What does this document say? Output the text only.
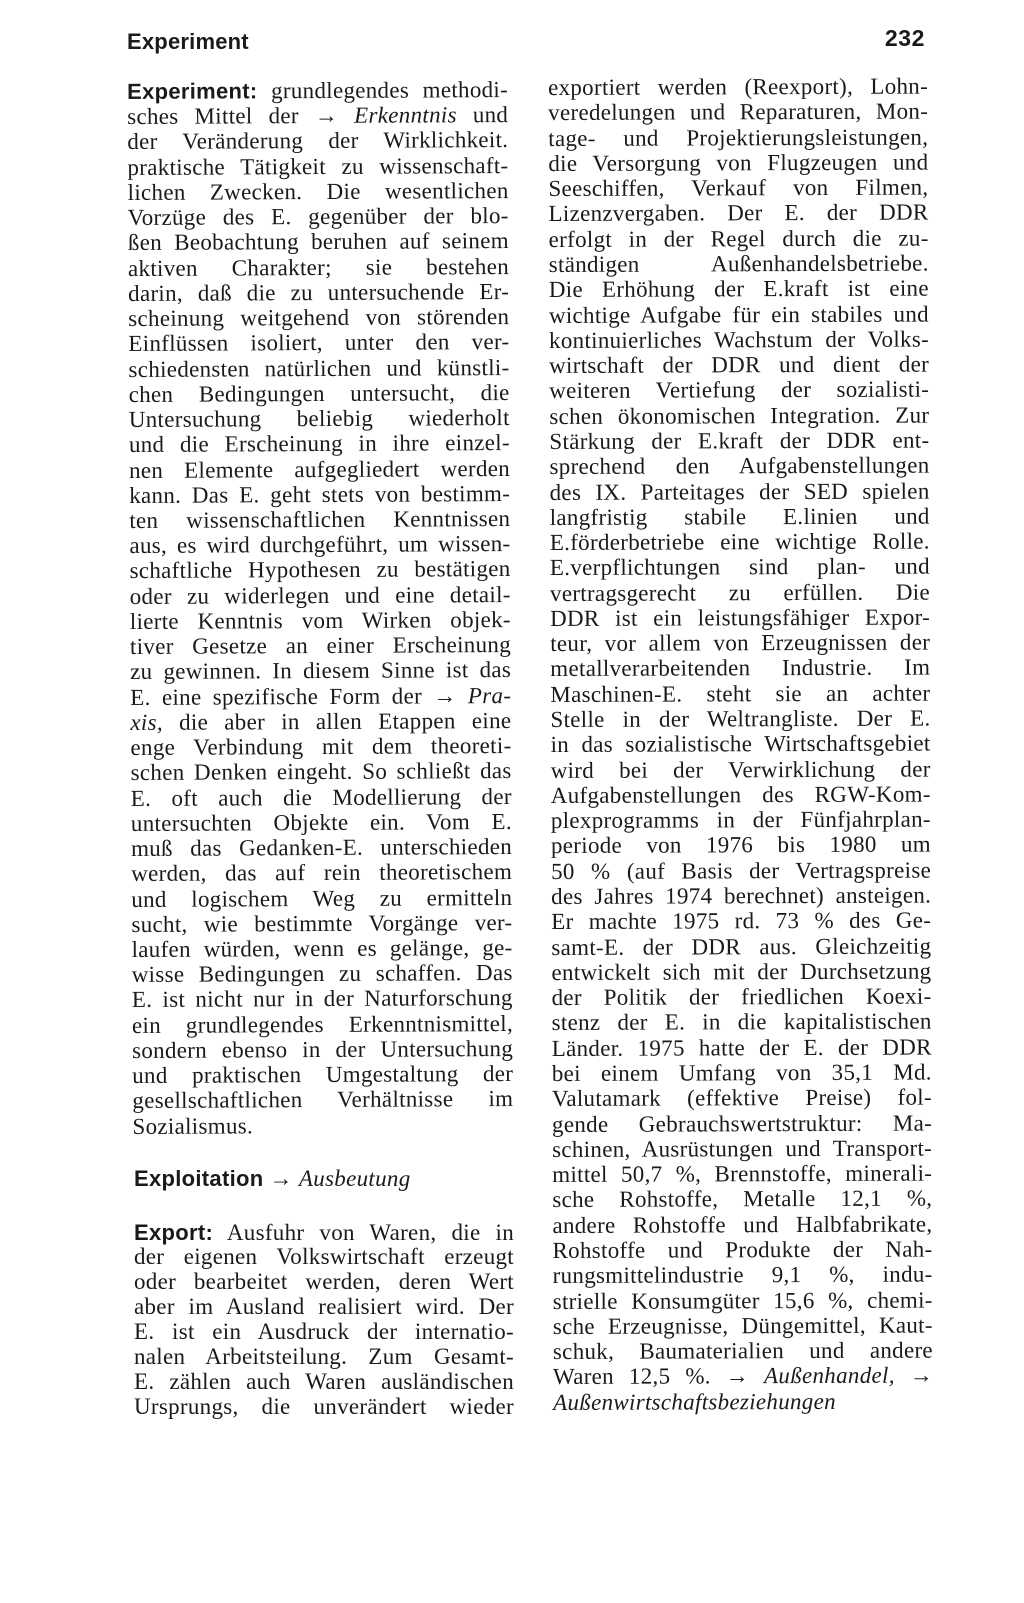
Experiment	232
Experiment: grundlegendes methodi-
sches Mittel der → Erkenntnis und
der Veränderung der Wirklichkeit.
praktische Tätigkeit zu wissenschaft-
lichen Zwecken. Die wesentlichen
Vorzüge des E. gegenüber der blo-
ßen Beobachtung beruhen auf seinem
aktiven Charakter; sie bestehen
darin, daß die zu untersuchende Er-
scheinung weitgehend von störenden
Einflüssen isoliert, unter den ver-
schiedensten natürlichen und künstli-
chen Bedingungen untersucht, die
Untersuchung beliebig wiederholt
und die Erscheinung in ihre einzel-
nen Elemente aufgegliedert werden
kann. Das E. geht stets von bestimm-
ten wissenschaftlichen Kenntnissen
aus, es wird durchgeführt, um wissen-
schaftliche Hypothesen zu bestätigen
oder zu widerlegen und eine detail-
lierte Kenntnis vom Wirken objek-
tiver Gesetze an einer Erscheinung
zu gewinnen. In diesem Sinne ist das
E. eine spezifische Form der → Pra-
xis, die aber in allen Etappen eine
enge Verbindung mit dem theoreti-
schen Denken eingeht. So schließt das
E. oft auch die Modellierung der
untersuchten Objekte ein. Vom E.
muß das Gedanken-E. unterschieden
werden, das auf rein theoretischem
und logischem Weg zu ermitteln
sucht, wie bestimmte Vorgänge ver-
laufen würden, wenn es gelänge, ge-
wisse Bedingungen zu schaffen. Das
E. ist nicht nur in der Naturforschung
ein grundlegendes Erkenntnismittel,
sondern ebenso in der Untersuchung
und praktischen Umgestaltung der
gesellschaftlichen Verhältnisse im
Sozialismus.
Exploitation → Ausbeutung
Export: Ausfuhr von Waren, die in
der eigenen Volkswirtschaft erzeugt
oder bearbeitet werden, deren Wert
aber im Ausland realisiert wird. Der
E. ist ein Ausdruck der internatio-
nalen Arbeitsteilung. Zum Gesamt-
E. zählen auch Waren ausländischen
Ursprungs, die unverändert wieder
exportiert werden (Reexport), Lohn-
veredelungen und Reparaturen, Mon-
tage- und Projektierungsleistungen,
die Versorgung von Flugzeugen und
Seeschiffen, Verkauf von Filmen,
Lizenzvergaben. Der E. der DDR
erfolgt in der Regel durch die zu-
ständigen Außenhandelsbetriebe.
Die Erhöhung der E.kraft ist eine
wichtige Aufgabe für ein stabiles und
kontinuierliches Wachstum der Volks-
wirtschaft der DDR und dient der
weiteren Vertiefung der sozialisti-
schen ökonomischen Integration. Zur
Stärkung der E.kraft der DDR ent-
sprechend den Aufgabenstellungen
des IX. Parteitages der SED spielen
langfristig stabile E.linien und
E.förderbetriebe eine wichtige Rolle.
E.verpflichtungen sind plan- und
vertragsgerecht zu erfüllen. Die
DDR ist ein leistungsfähiger Expor-
teur, vor allem von Erzeugnissen der
metallverarbeitenden Industrie. Im
Maschinen-E. steht sie an achter
Stelle in der Weltrangliste. Der E.
in das sozialistische Wirtschaftsgebiet
wird bei der Verwirklichung der
Aufgabenstellungen des RGW-Kom-
plexprogramms in der Fünfjahrplan-
periode von 1976 bis 1980 um
50 % (auf Basis der Vertragspreise
des Jahres 1974 berechnet) ansteigen.
Er machte 1975 rd. 73 % des Ge-
samt-E. der DDR aus. Gleichzeitig
entwickelt sich mit der Durchsetzung
der Politik der friedlichen Koexi-
stenz der E. in die kapitalistischen
Länder. 1975 hatte der E. der DDR
bei einem Umfang von 35,1 Md.
Valutamark (effektive Preise) fol-
gende Gebrauchswertstruktur: Ma-
schinen, Ausrüstungen und Transport-
mittel 50,7 %, Brennstoffe, minerali-
sche Rohstoffe, Metalle 12,1 %,
andere Rohstoffe und Halbfabrikate,
Rohstoffe und Produkte der Nah-
rungsmittelindustrie 9,1 %, indu-
strielle Konsumgüter 15,6 %, chemi-
sche Erzeugnisse, Düngemittel, Kaut-
schuk, Baumaterialien und andere
Waren 12,5 %. → Außenhandel, →
Außenwirtschaftsbeziehungen
